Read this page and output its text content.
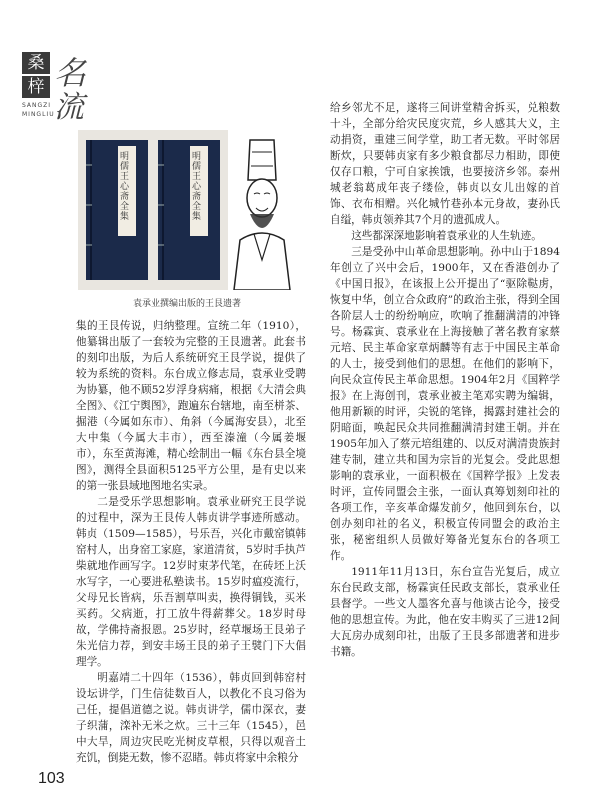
桑
梓 名
流
SANGZI
MINGLIU
明儒王心斋全集
明儒王心斋全集
袁承业撰编出版的王艮遗著

集的王艮传说，归纳整理。宣统二年（1910），他纂辑出版了一套较为完整的王艮遗著。此套书的刻印出版，为后人系统研究王艮学说，提供了较为系统的资料。东台成立修志局，袁承业受聘为协纂，他不顾52岁浮身病痛，根据《大清会典全图》、《江宁舆图》，跑遍东台辖地，南至栟茶、掘港（今属如东市）、角斜（今属海安县），北至大中集（今属大丰市），西至溱潼（今属姜堰市），东至黄海滩，精心绘制出一幅《东台县全境图》，测得全县面积5125平方公里，是有史以来的第一张县域地图地名实录。

二是受乐学思想影响。袁承业研究王艮学说的过程中，深为王艮传人韩贞讲学事迹所感动。韩贞（1509—1585），号乐吾，兴化市戴窑镇韩窑村人，出身窑工家庭，家道清贫，5岁时手执芦柴就地作画写字。12岁时束茅代笔，在砖坯上沃水写字，一心要进私塾读书。15岁时瘟疫流行，父母兄长皆病，乐吾割草叫卖，换得铜钱，买米买药。父病逝，打工放牛得薪葬父。18岁时母故，学佛持斋报恩。25岁时，经草堰场王艮弟子朱光信力荐，到安丰场王艮的弟子王襞门下大倡理学。

明嘉靖二十四年（1536），韩贞回到韩窑村设坛讲学，门生信徒数百人，以教化不良习俗为己任，提倡道德之说。韩贞讲学，儒巾深衣，妻子织蒲，滦补无米之炊。三十三年（1545），邑中大旱，周边灾民吃光树皮草根，只得以观音土充饥，倒毙无数，惨不忍睹。韩贞将家中余粮分

给乡邻尤不足，遂将三间讲堂精舍拆买，兑粮数十斗，全部分给灾民度灾荒，乡人感其大义，主动捐资，重建三间学堂，助工者无数。平时邻居断炊，只要韩贞家有多少粮食都尽力相助，即使仅存口粮，宁可自家挨饿，也要接济乡邻。泰州城老翁葛成年丧子缕俭，韩贞以女儿出嫁的首饰、衣布相赠。兴化城竹巷孙本元身故，妻孙氏自缢，韩贞领养其7个月的遗孤成人。

这些都深深地影响着袁承业的人生轨迹。

三是受孙中山革命思想影响。孙中山于1894年创立了兴中会后，1900年，又在香港创办了《中国日报》，在该报上公开提出了“驱除鞑虏，恢复中华，创立合众政府”的政治主张，得到全国各阶层人士的纷纷响应，吹响了推翻满清的冲锋号。杨霖寅、袁承业在上海接触了著名教育家蔡元培、民主革命家章炳麟等有志于中国民主革命的人士，接受到他们的思想。在他们的影响下，向民众宣传民主革命思想。1904年2月《国粹学报》在上海创刊，袁承业被主笔邓实聘为编辑，他用新颖的时评，尖锐的笔锋，揭露封建社会的阴暗面，唤起民众共同推翻满清封建王朝。并在1905年加入了蔡元培组建的、以反对满清贵族封建专制，建立共和国为宗旨的光复会。受此思想影响的袁承业，一面积极在《国粹学报》上发表时评，宣传同盟会主张，一面认真筹划刻印社的各项工作，辛亥革命爆发前夕，他回到东台，以创办刻印社的名义，积极宣传同盟会的政治主张，秘密组织人员做好筹备光复东台的各项工作。

1911年11月13日，东台宣告光复后，成立东台民政支部，杨霖寅任民政支部长，袁承业任县督学。一些文人墨客允喜与他谈古论今，接受他的思想宣传。为此，他在安丰购买了三进12间大瓦房办成刻印社，出版了王艮多部遗著和进步书籍。

103
